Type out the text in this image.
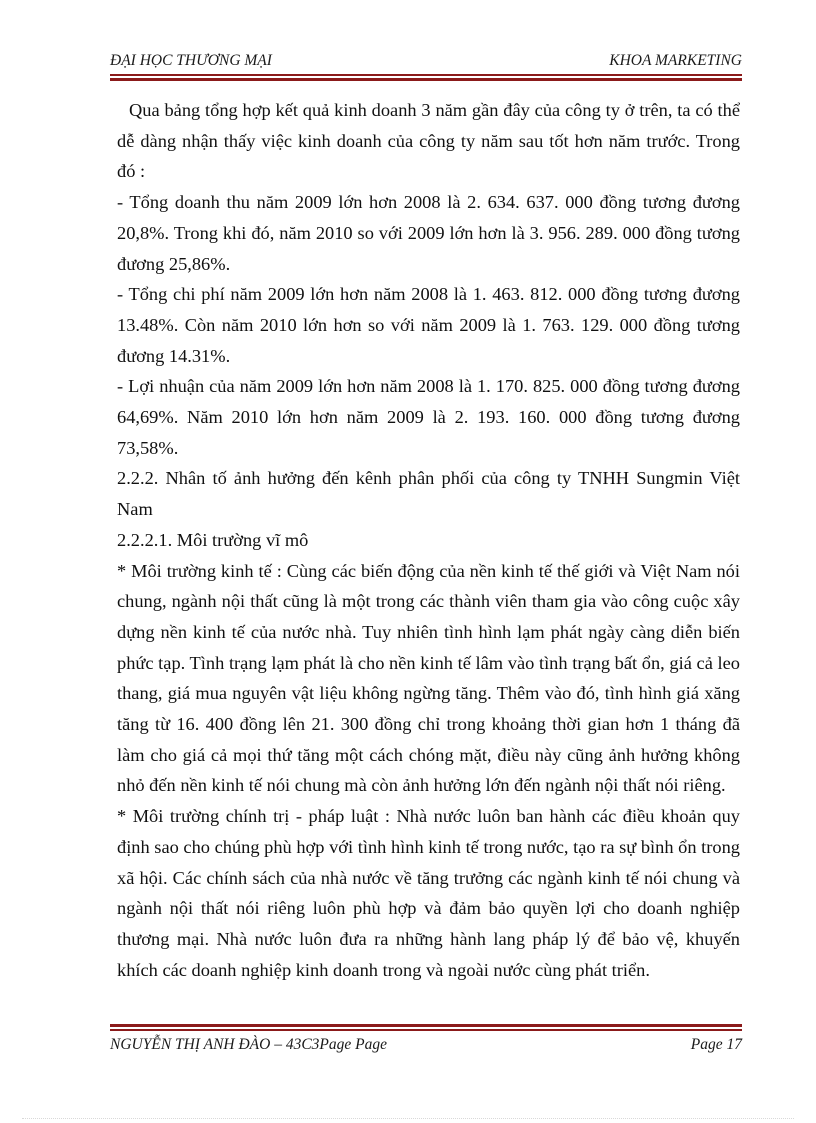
ĐẠI HỌC THƯƠNG MẠI	KHOA MARKETING

Qua bảng tổng hợp kết quả kinh doanh 3 năm gần đây của công ty ở trên, ta có thể dễ dàng nhận thấy việc kinh doanh của công ty năm sau tốt hơn năm trước. Trong đó :

- Tổng doanh thu năm 2009 lớn hơn 2008 là 2. 634. 637. 000 đồng tương đương 20,8%. Trong khi đó, năm 2010 so với 2009 lớn hơn là 3. 956. 289. 000 đồng tương đương 25,86%.

- Tổng chi phí năm 2009 lớn hơn năm 2008 là 1. 463. 812. 000 đồng tương đương 13.48%. Còn năm 2010 lớn hơn so với năm 2009 là 1. 763. 129. 000 đồng tương đương 14.31%.

- Lợi nhuận của năm 2009 lớn hơn năm 2008 là 1. 170. 825. 000 đồng tương đương 64,69%. Năm 2010 lớn hơn năm 2009 là 2. 193. 160. 000 đồng tương đương 73,58%.

2.2.2. Nhân tố ảnh hưởng đến kênh phân phối của công ty TNHH Sungmin Việt Nam

2.2.2.1. Môi trường vĩ mô

* Môi trường kinh tế : Cùng các biến động của nền kinh tế thế giới và Việt Nam nói chung, ngành nội thất cũng là một trong các thành viên tham gia vào công cuộc xây dựng nền kinh tế của nước nhà. Tuy nhiên tình hình lạm phát ngày càng diễn biến phức tạp. Tình trạng lạm phát là cho nền kinh tế lâm vào tình trạng bất ổn, giá cả leo thang, giá mua nguyên vật liệu không ngừng tăng. Thêm vào đó, tình hình giá xăng tăng từ 16. 400 đồng lên 21. 300 đồng chỉ trong khoảng thời gian hơn 1 tháng đã làm cho giá cả mọi thứ tăng một cách chóng mặt, điều này cũng ảnh hưởng không nhỏ đến nền kinh tế nói chung mà còn ảnh hưởng lớn đến ngành nội thất nói riêng.

* Môi trường chính trị - pháp luật : Nhà nước luôn ban hành các điều khoản quy định sao cho chúng phù hợp với tình hình kinh tế trong nước, tạo ra sự bình ổn trong xã hội. Các chính sách của nhà nước về tăng trưởng các ngành kinh tế nói chung và ngành nội thất nói riêng luôn phù hợp và đảm bảo quyền lợi cho doanh nghiệp thương mại. Nhà nước luôn đưa ra những hành lang pháp lý để bảo vệ, khuyến khích các doanh nghiệp kinh doanh trong và ngoài nước cùng phát triển.

NGUYỄN THỊ ANH ĐÀO – 43C3Page Page	Page 17
